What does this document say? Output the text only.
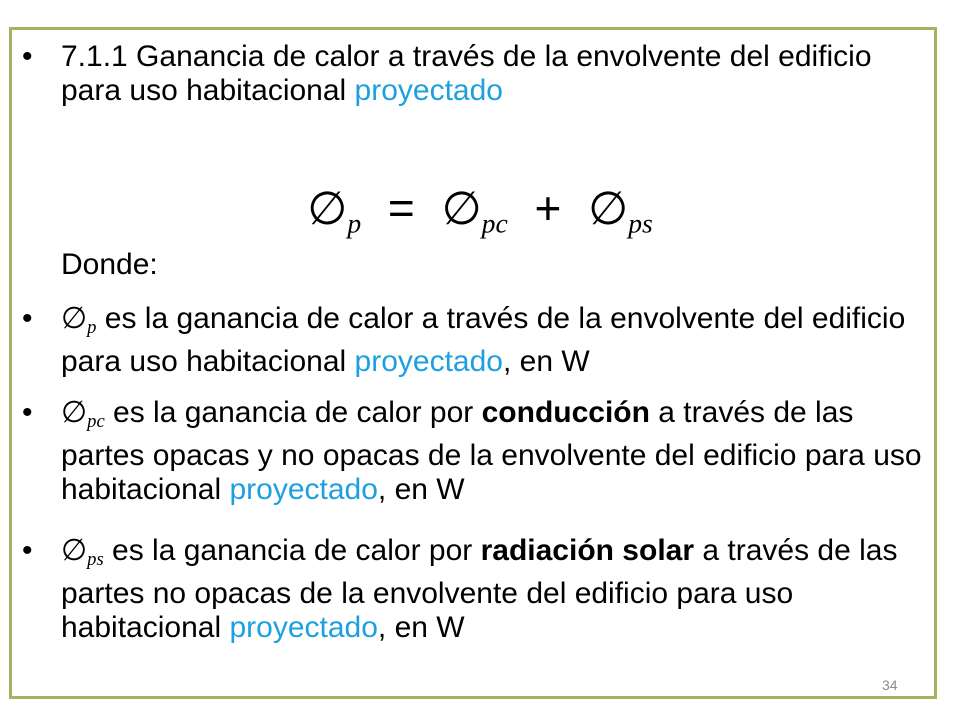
• 7.1.1 Ganancia de calor a través de la envolvente del edificio para uso habitacional proyectado
$\emptyset_p$ = $\emptyset_{pc}$ + $\emptyset_{ps}$
Donde:
• $\emptyset_p$ es la ganancia de calor a través de la envolvente del edificio para uso habitacional proyectado, en W
• $\emptyset_{pc}$ es la ganancia de calor por conducción a través de las partes opacas y no opacas de la envolvente del edificio para uso habitacional proyectado, en W
• $\emptyset_{ps}$ es la ganancia de calor por radiación solar a través de las partes no opacas de la envolvente del edificio para uso habitacional proyectado, en W
34
